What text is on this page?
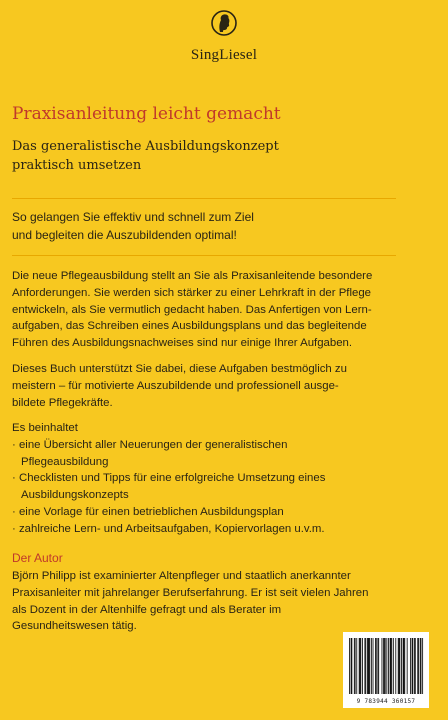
SingLiesel
Praxisanleitung leicht gemacht
Das generalistische Ausbildungskonzept
praktisch umsetzen
So gelangen Sie effektiv und schnell zum Ziel
und begleiten die Auszubildenden optimal!
Die neue Pflegeausbildung stellt an Sie als Praxisanleitende besondere
Anforderungen. Sie werden sich stärker zu einer Lehrkraft in der Pflege
entwickeln, als Sie vermutlich gedacht haben. Das Anfertigen von Lern-
aufgaben, das Schreiben eines Ausbildungsplans und das begleitende
Führen des Ausbildungsnachweises sind nur einige Ihrer Aufgaben.
Dieses Buch unterstützt Sie dabei, diese Aufgaben bestmöglich zu
meistern – für motivierte Auszubildende und professionell ausge-
bildete Pflegekräfte.
Es beinhaltet
· eine Übersicht aller Neuerungen der generalistischen
Pflegeausbildung
· Checklisten und Tipps für eine erfolgreiche Umsetzung eines
Ausbildungskonzepts
· eine Vorlage für einen betrieblichen Ausbildungsplan
· zahlreiche Lern- und Arbeitsaufgaben, Kopiervorlagen u.v.m.
Der Autor
Björn Philipp ist examinierter Altenpfleger und staatlich anerkannter
Praxisanleiter mit jahrelanger Berufserfahrung. Er ist seit vielen Jahren
als Dozent in der Altenhilfe gefragt und als Berater im
Gesundheitswesen tätig.
9 783944 360157
